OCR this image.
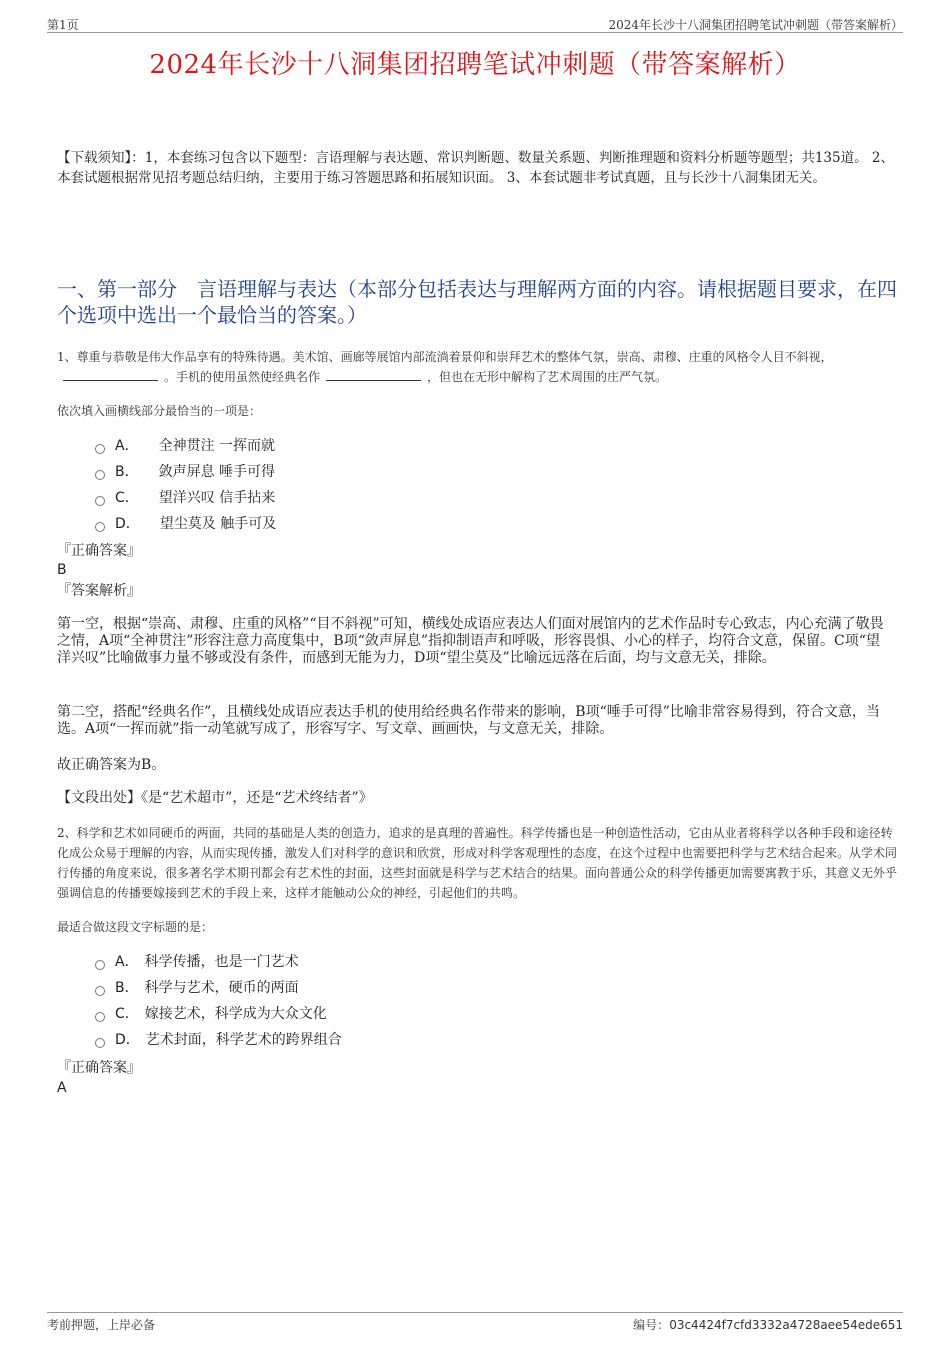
第1页	2024年长沙十八洞集团招聘笔试冲刺题（带答案解析）
2024年长沙十八洞集团招聘笔试冲刺题（带答案解析）
【下载须知】：1，本套练习包含以下题型：言语理解与表达题、常识判断题、数量关系题、判断推理题和资料分析题等题型；共135道。 2、本套试题根据常见招考题总结归纳，主要用于练习答题思路和拓展知识面。 3、本套试题非考试真题，且与长沙十八洞集团无关。
一、第一部分　言语理解与表达（本部分包括表达与理解两方面的内容。请根据题目要求，在四个选项中选出一个最恰当的答案。）
1、尊重与恭敬是伟大作品享有的特殊待遇。美术馆、画廊等展馆内部流淌着景仰和崇拜艺术的整体气氛，崇高、肃穆、庄重的风格令人目不斜视，。手机的使用虽然使经典名作	，但也在无形中解构了艺术周围的庄严气氛。
依次填入画横线部分最恰当的一项是：
A． 全神贯注 一挥而就
B． 敛声屏息 唾手可得
C． 望洋兴叹 信手拈来
D． 望尘莫及 触手可及
『正确答案』
B
『答案解析』
第一空，根据“崇高、肃穆、庄重的风格”“目不斜视”可知，横线处成语应表达人们面对展馆内的艺术作品时专心致志，内心充满了敬畏之情，A项“全神贯注”形容注意力高度集中，B项“敛声屏息”指抑制语声和呼吸，形容畏惧、小心的样子，均符合文意，保留。C项“望洋兴叹”比喻做事力量不够或没有条件，而感到无能为力，D项“望尘莫及”比喻远远落在后面，均与文意无关，排除。
第二空，搭配“经典名作”，且横线处成语应表达手机的使用给经典名作带来的影响，B项“唾手可得”比喻非常容易得到，符合文意，当选。A项“一挥而就”指一动笔就写成了，形容写字、写文章、画画快，与文意无关，排除。
故正确答案为B。
【文段出处】《是“艺术超市”，还是“艺术终结者”》
2、科学和艺术如同硬币的两面，共同的基础是人类的创造力，追求的是真理的普遍性。科学传播也是一种创造性活动，它由从业者将科学以各种手段和途径转化成公众易于理解的内容，从而实现传播，激发人们对科学的意识和欣赏，形成对科学客观理性的态度，在这个过程中也需要把科学与艺术结合起来。从学术同行传播的角度来说，很多著名学术期刊都会有艺术性的封面，这些封面就是科学与艺术结合的结果。面向普通公众的科学传播更加需要寓教于乐，其意义无外乎强调信息的传播要嫁接到艺术的手段上来，这样才能触动公众的神经，引起他们的共鸣。
最适合做这段文字标题的是：
A． 科学传播，也是一门艺术
B． 科学与艺术，硬币的两面
C． 嫁接艺术，科学成为大众文化
D． 艺术封面，科学艺术的跨界组合
『正确答案』
A
考前押题，上岸必备	编号：03c4424f7cfd3332a4728aee54ede651
